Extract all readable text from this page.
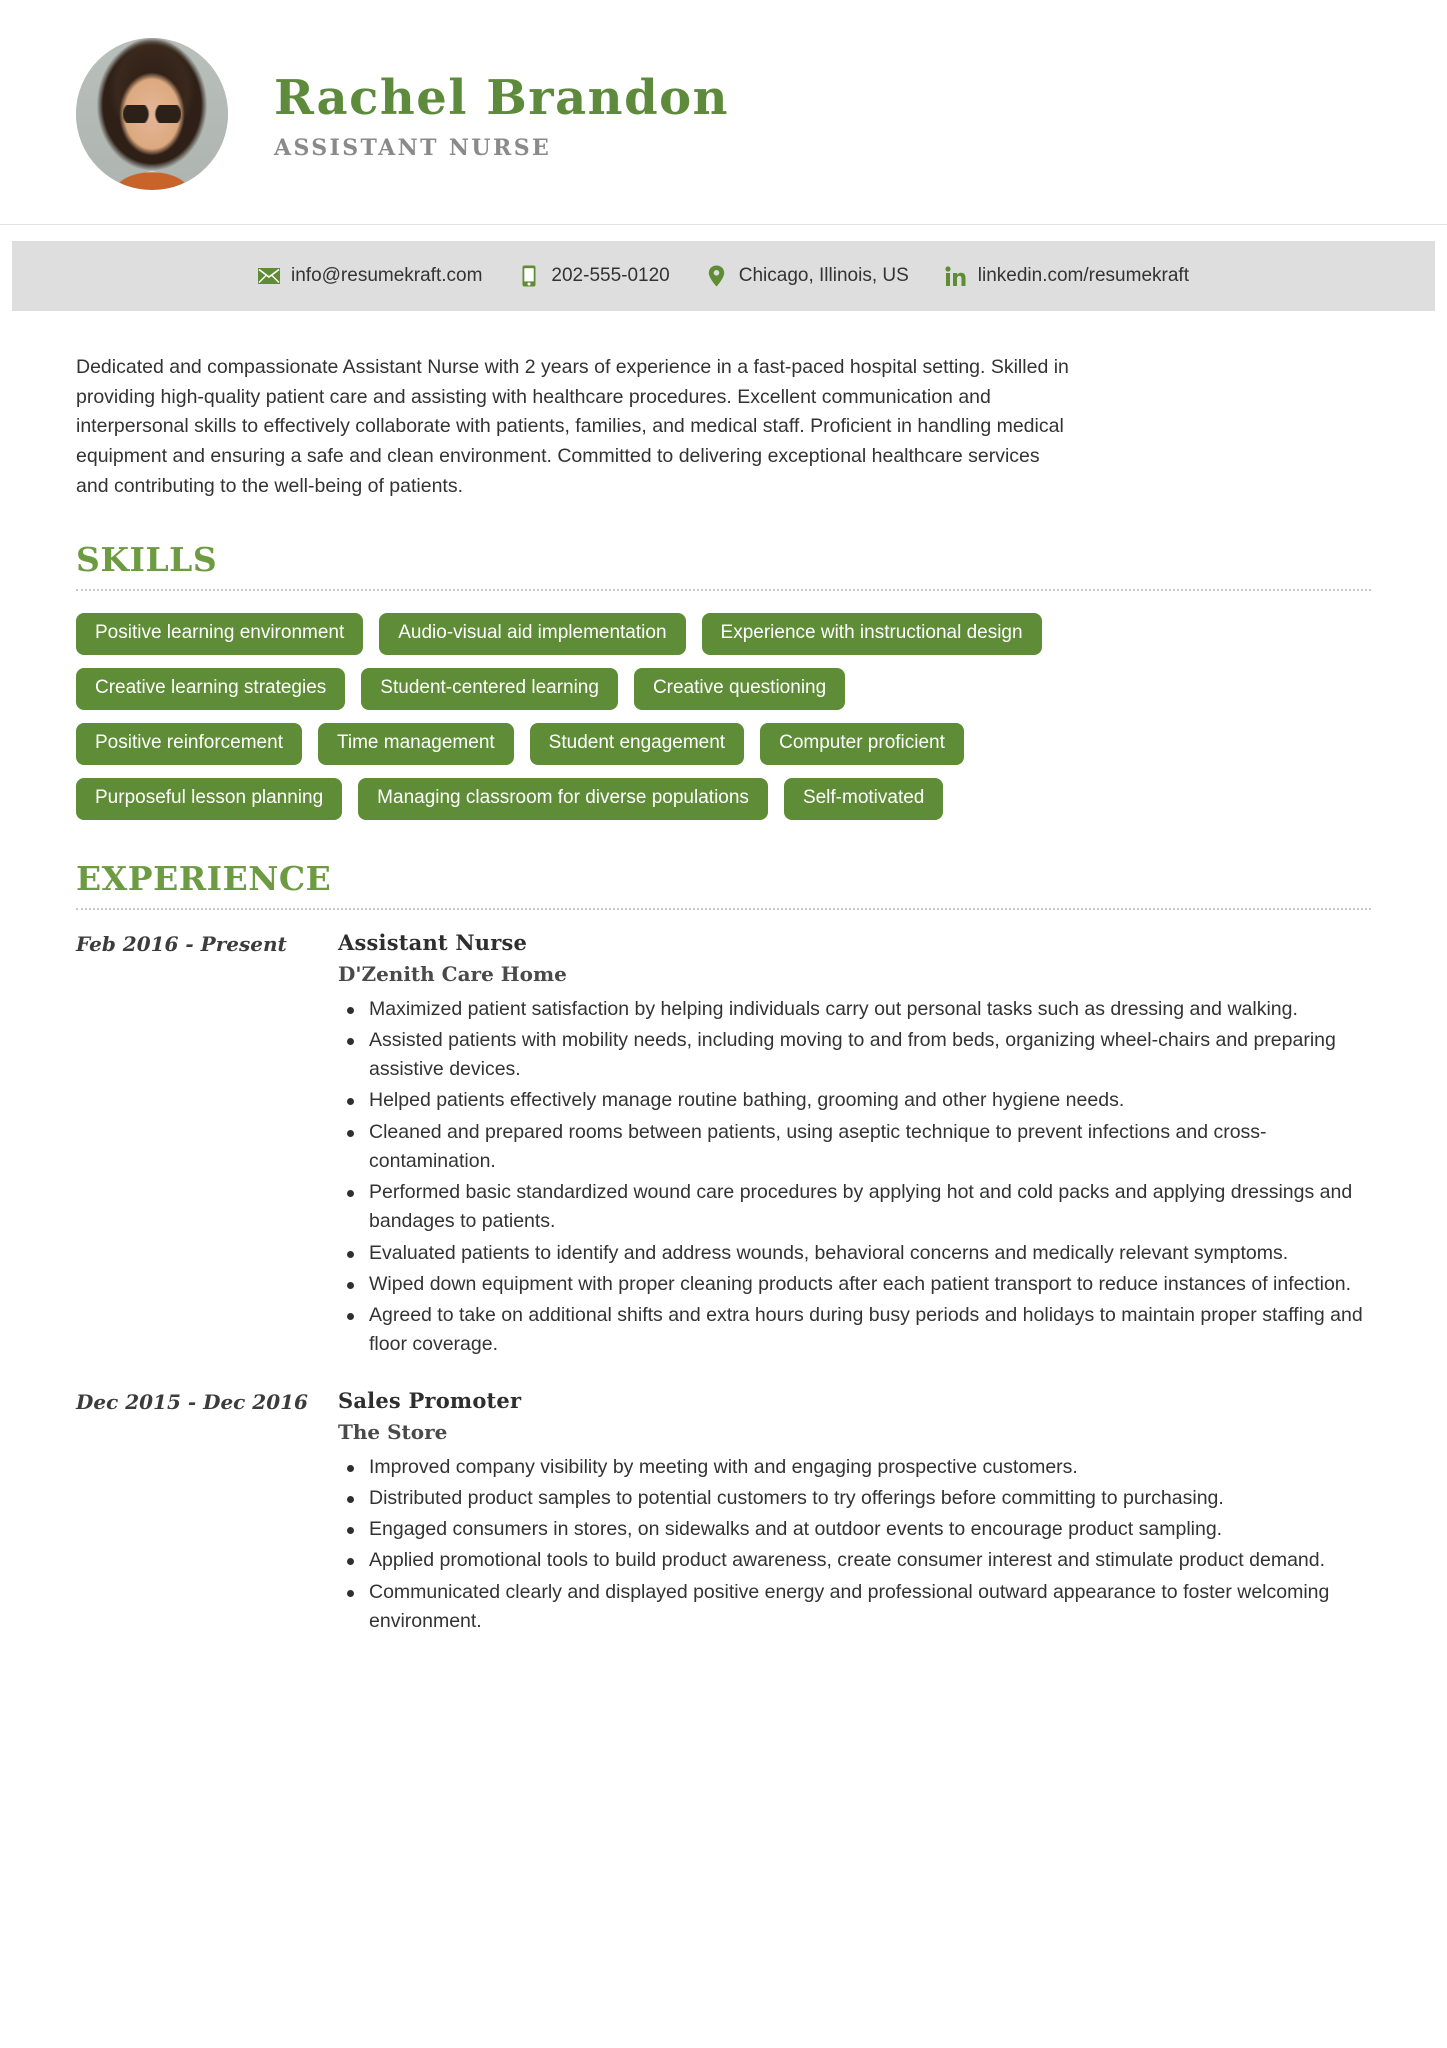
Rachel Brandon
ASSISTANT NURSE
info@resumekraft.com	202-555-0120	Chicago, Illinois, US	linkedin.com/resumekraft

Dedicated and compassionate Assistant Nurse with 2 years of experience in a fast-paced hospital setting. Skilled in providing high-quality patient care and assisting with healthcare procedures. Excellent communication and interpersonal skills to effectively collaborate with patients, families, and medical staff. Proficient in handling medical equipment and ensuring a safe and clean environment. Committed to delivering exceptional healthcare services and contributing to the well-being of patients.

SKILLS
Positive learning environment	Audio-visual aid implementation	Experience with instructional design
Creative learning strategies	Student-centered learning	Creative questioning
Positive reinforcement	Time management	Student engagement	Computer proficient
Purposeful lesson planning	Managing classroom for diverse populations	Self-motivated
EXPERIENCE
Feb 2016 - Present	Assistant Nurse
D'Zenith Care Home
Maximized patient satisfaction by helping individuals carry out personal tasks such as dressing and walking.
Assisted patients with mobility needs, including moving to and from beds, organizing wheel-chairs and preparing assistive devices.
Helped patients effectively manage routine bathing, grooming and other hygiene needs.
Cleaned and prepared rooms between patients, using aseptic technique to prevent infections and cross-contamination.
Performed basic standardized wound care procedures by applying hot and cold packs and applying dressings and bandages to patients.
Evaluated patients to identify and address wounds, behavioral concerns and medically relevant symptoms.
Wiped down equipment with proper cleaning products after each patient transport to reduce instances of infection.
Agreed to take on additional shifts and extra hours during busy periods and holidays to maintain proper staffing and floor coverage.
Dec 2015 - Dec 2016	Sales Promoter
The Store
Improved company visibility by meeting with and engaging prospective customers.
Distributed product samples to potential customers to try offerings before committing to purchasing.
Engaged consumers in stores, on sidewalks and at outdoor events to encourage product sampling.
Applied promotional tools to build product awareness, create consumer interest and stimulate product demand.
Communicated clearly and displayed positive energy and professional outward appearance to foster welcoming environment.
